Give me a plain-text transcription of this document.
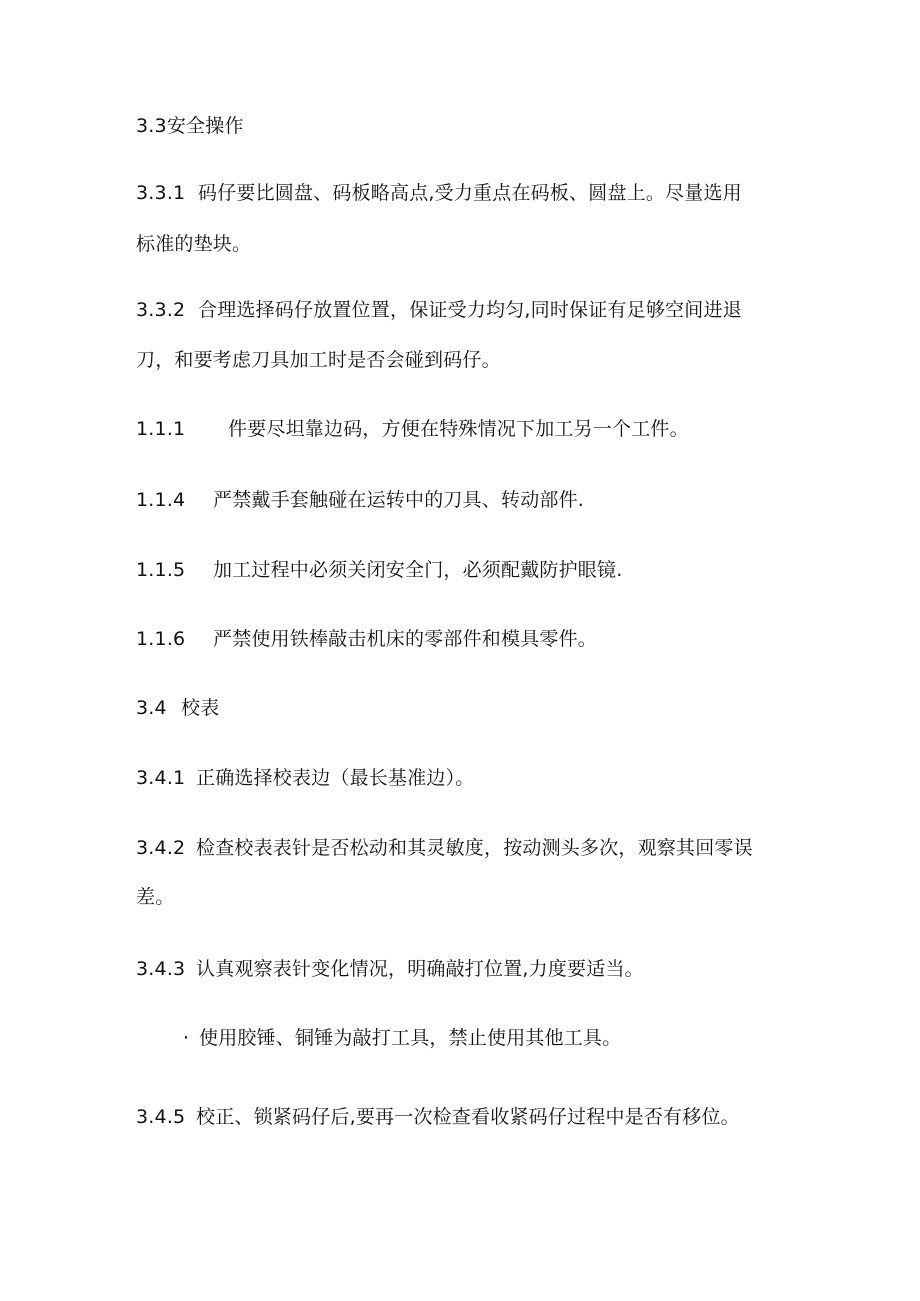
3.3安全操作

3.3.1 码仔要比圆盘、码板略高点,受力重点在码板、圆盘上。尽量选用

标准的垫块。

3.3.2 合理选择码仔放置位置，保证受力均匀,同时保证有足够空间进退

刀，和要考虑刀具加工时是否会碰到码仔。

1.1.1 件要尽坦靠边码，方便在特殊情况下加工另一个工件。

1.1.4 严禁戴手套触碰在运转中的刀具、转动部件.

1.1.5 加工过程中必须关闭安全门，必须配戴防护眼镜.

1.1.6 严禁使用铁棒敲击机床的零部件和模具零件。

3.4 校表

3.4.1 正确选择校表边（最长基准边）。

3.4.2 检查校表表针是否松动和其灵敏度，按动测头多次，观察其回零误

差。

3.4.3 认真观察表针变化情况，明确敲打位置,力度要适当。

· 使用胶锤、铜锤为敲打工具，禁止使用其他工具。

3.4.5 校正、锁紧码仔后,要再一次检查看收紧码仔过程中是否有移位。
